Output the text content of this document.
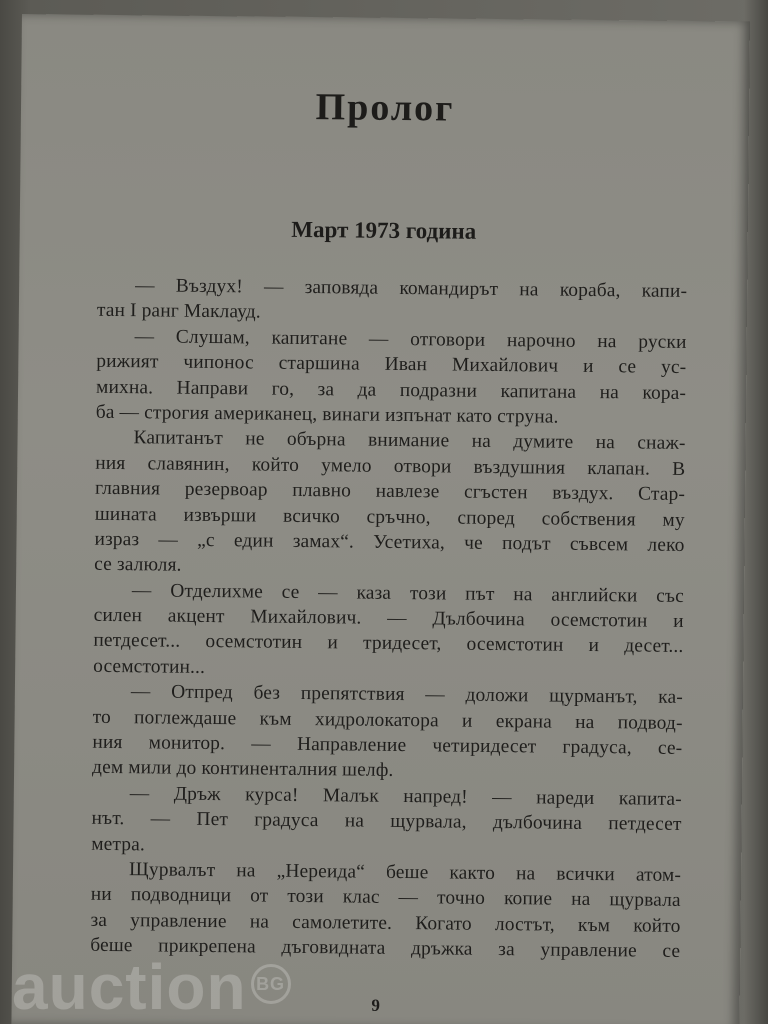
Пролог
Март 1973 година
— Въздух! — заповяда командирът на кораба, капи-
тан I ранг Маклауд.
— Слушам, капитане — отговори нарочно на руски
рижият чипонос старшина Иван Михайлович и се ус-
михна. Направи го, за да подразни капитана на кора-
ба — строгия американец, винаги изпънат като струна.
Капитанът не обърна внимание на думите на снаж-
ния славянин, който умело отвори въздушния клапан. В
главния резервоар плавно навлезе сгъстен въздух. Стар-
шината извърши всичко сръчно, според собствения му
израз — „с един замах“. Усетиха, че подът съвсем леко
се залюля.
— Отделихме се — каза този път на английски със
силен акцент Михайлович. — Дълбочина осемстотин и
петдесет... осемстотин и тридесет, осемстотин и десет...
осемстотин...
— Отпред без препятствия — доложи щурманът, ка-
то поглеждаше към хидролокатора и екрана на подвод-
ния монитор. — Направление четиридесет градуса, се-
дем мили до континенталния шелф.
— Дръж курса! Малък напред! — нареди капита-
нът. — Пет градуса на щурвала, дълбочина петдесет
метра.
Щурвалът на „Нереида“ беше както на всички атом-
ни подводници от този клас — точно копие на щурвала
за управление на самолетите. Когато лостът, към който
беше прикрепена дъговидната дръжка за управление се
9
auction BG
